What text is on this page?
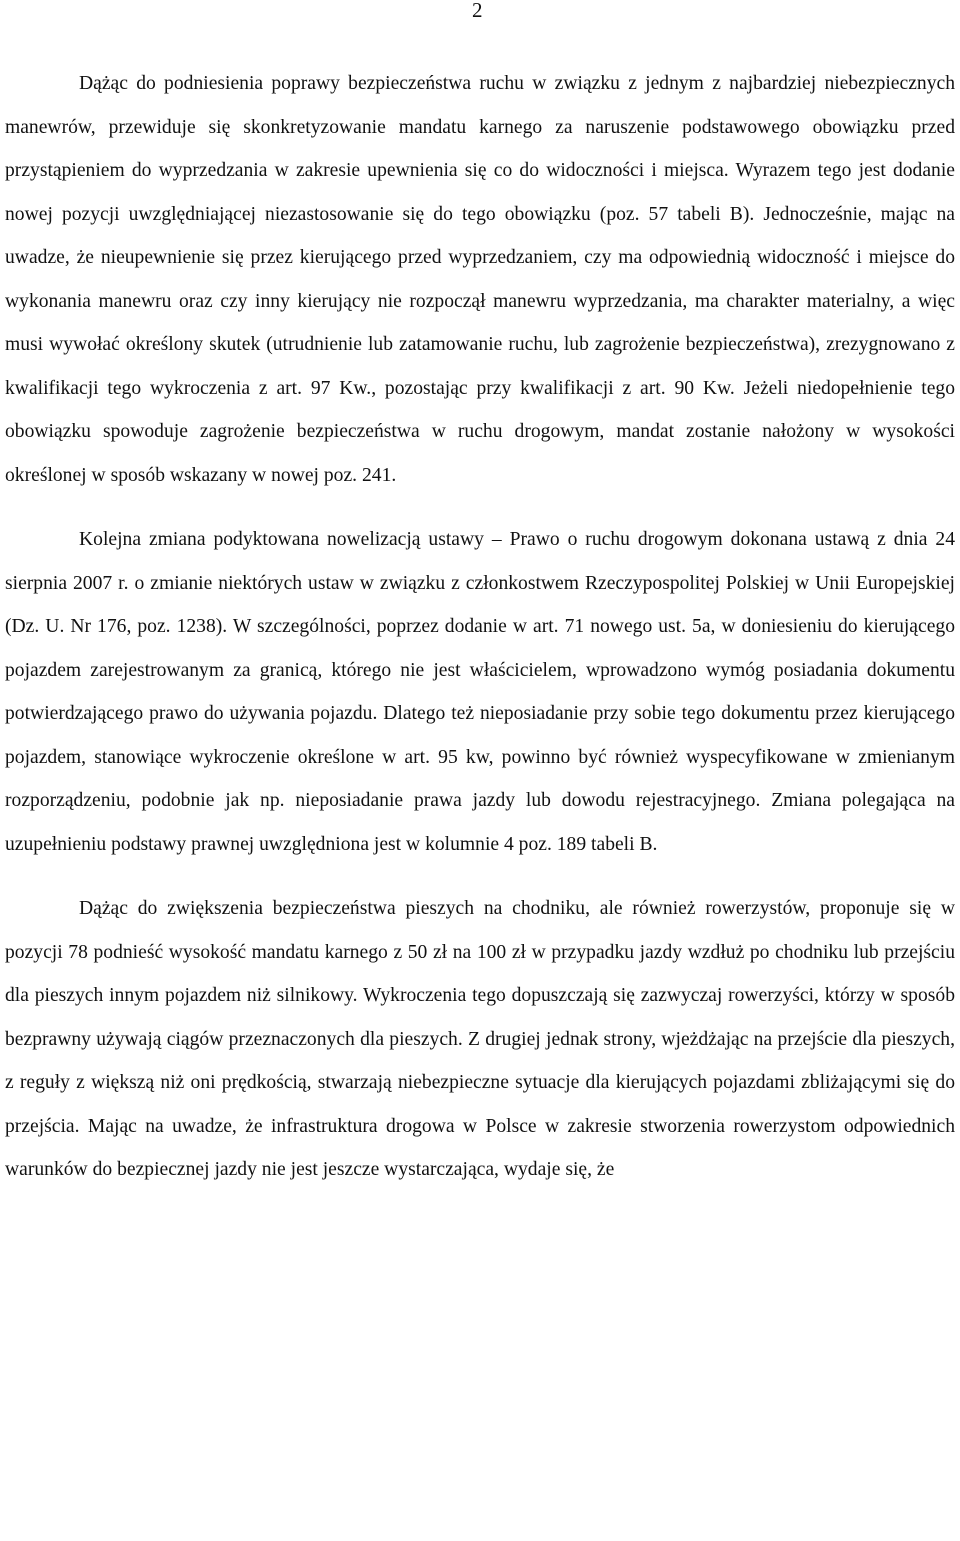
2

Dążąc do podniesienia poprawy bezpieczeństwa ruchu w związku z jednym z najbardziej niebezpiecznych manewrów, przewiduje się skonkretyzowanie mandatu karnego za naruszenie podstawowego obowiązku przed przystąpieniem do wyprzedzania w zakresie upewnienia się co do widoczności i miejsca. Wyrazem tego jest dodanie nowej pozycji uwzględniającej niezastosowanie się do tego obowiązku (poz. 57 tabeli B). Jednocześnie, mając na uwadze, że nieupewnienie się przez kierującego przed wyprzedzaniem, czy ma odpowiednią widoczność i miejsce do wykonania manewru oraz czy inny kierujący nie rozpoczął manewru wyprzedzania, ma charakter materialny, a więc musi wywołać określony skutek (utrudnienie lub zatamowanie ruchu, lub zagrożenie bezpieczeństwa), zrezygnowano z kwalifikacji tego wykroczenia z art. 97 Kw., pozostając przy kwalifikacji z art. 90 Kw. Jeżeli niedopełnienie tego obowiązku spowoduje zagrożenie bezpieczeństwa w ruchu drogowym, mandat zostanie nałożony w wysokości określonej w sposób wskazany w nowej poz. 241.

Kolejna zmiana podyktowana nowelizacją ustawy – Prawo o ruchu drogowym dokonana ustawą z dnia 24 sierpnia 2007 r. o zmianie niektórych ustaw w związku z członkostwem Rzeczypospolitej Polskiej w Unii Europejskiej (Dz. U. Nr 176, poz. 1238). W szczególności, poprzez dodanie w art. 71 nowego ust. 5a, w doniesieniu do kierującego pojazdem zarejestrowanym za granicą, którego nie jest właścicielem, wprowadzono wymóg posiadania dokumentu potwierdzającego prawo do używania pojazdu. Dlatego też nieposiadanie przy sobie tego dokumentu przez kierującego pojazdem, stanowiące wykroczenie określone w art. 95 kw, powinno być również wyspecyfikowane w zmienianym rozporządzeniu, podobnie jak np. nieposiadanie prawa jazdy lub dowodu rejestracyjnego. Zmiana polegająca na uzupełnieniu podstawy prawnej uwzględniona jest w kolumnie 4 poz. 189 tabeli B.

Dążąc do zwiększenia bezpieczeństwa pieszych na chodniku, ale również rowerzystów, proponuje się w pozycji 78 podnieść wysokość mandatu karnego z 50 zł na 100 zł w przypadku jazdy wzdłuż po chodniku lub przejściu dla pieszych innym pojazdem niż silnikowy. Wykroczenia tego dopuszczają się zazwyczaj rowerzyści, którzy w sposób bezprawny używają ciągów przeznaczonych dla pieszych. Z drugiej jednak strony, wjeżdżając na przejście dla pieszych, z reguły z większą niż oni prędkością, stwarzają niebezpieczne sytuacje dla kierujących pojazdami zbliżającymi się do przejścia. Mając na uwadze, że infrastruktura drogowa w Polsce w zakresie stworzenia rowerzystom odpowiednich warunków do bezpiecznej jazdy nie jest jeszcze wystarczająca, wydaje się, że
